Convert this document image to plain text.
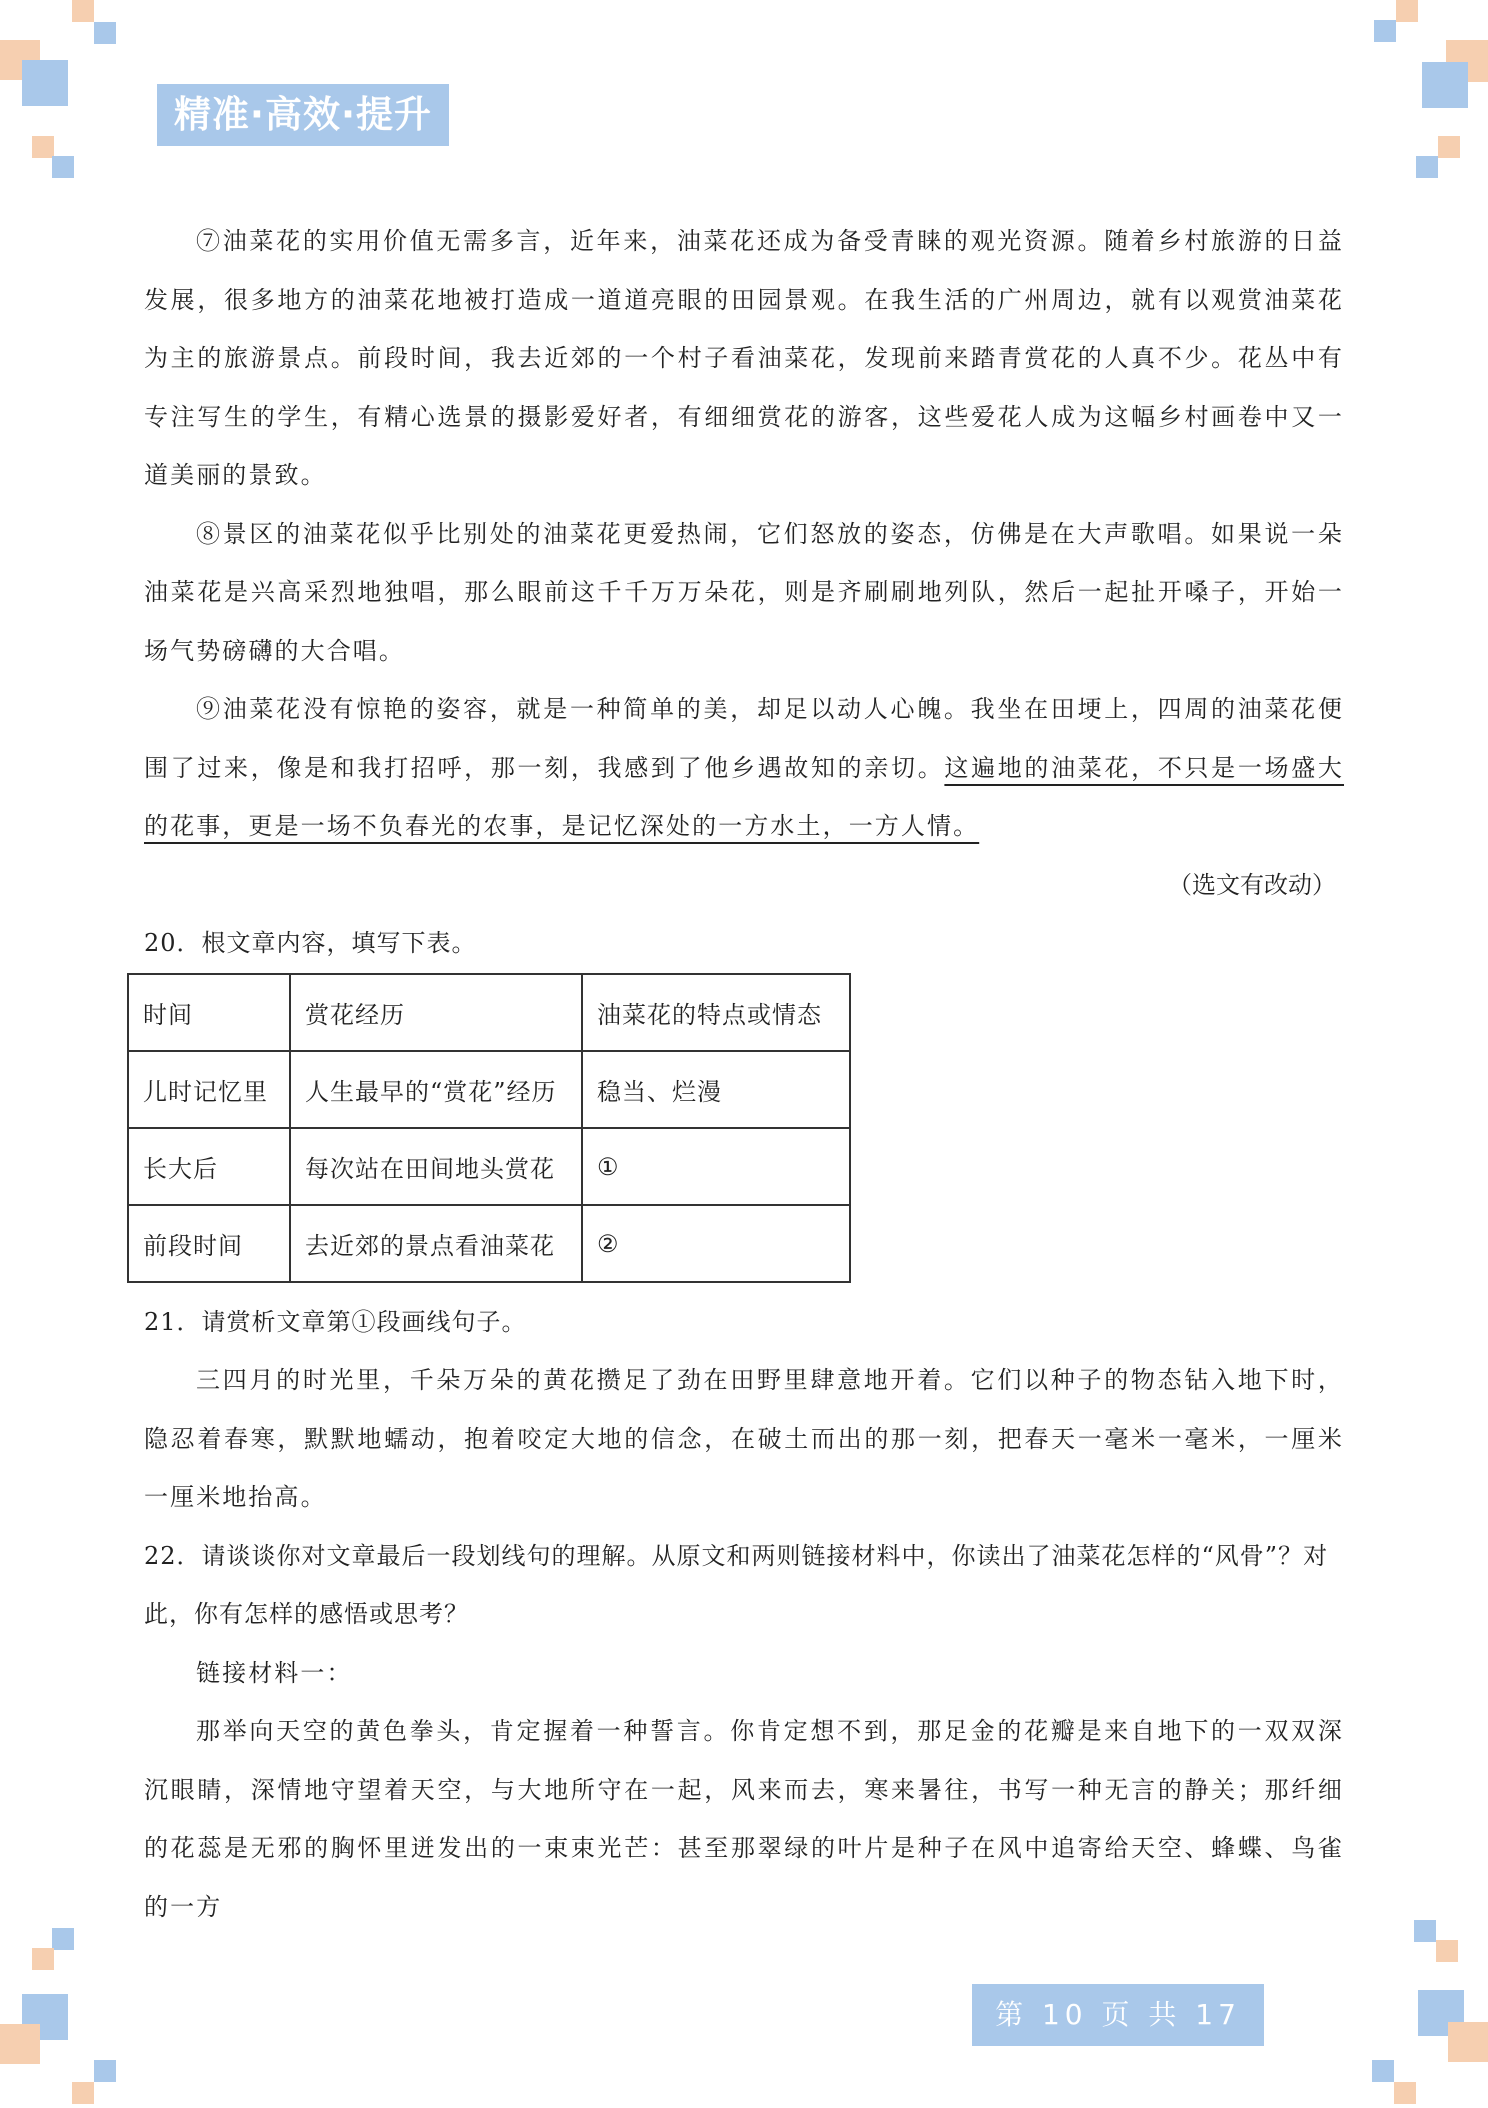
精准·高效·提升

⑦油菜花的实用价值无需多言，近年来，油菜花还成为备受青睐的观光资源。随着乡村旅游的日益发展，很多地方的油菜花地被打造成一道道亮眼的田园景观。在我生活的广州周边，就有以观赏油菜花为主的旅游景点。前段时间，我去近郊的一个村子看油菜花，发现前来踏青赏花的人真不少。花丛中有专注写生的学生，有精心选景的摄影爱好者，有细细赏花的游客，这些爱花人成为这幅乡村画卷中又一道美丽的景致。

⑧景区的油菜花似乎比别处的油菜花更爱热闹，它们怒放的姿态，仿佛是在大声歌唱。如果说一朵油菜花是兴高采烈地独唱，那么眼前这千千万万朵花，则是齐刷刷地列队，然后一起扯开嗓子，开始一场气势磅礴的大合唱。

⑨油菜花没有惊艳的姿容，就是一种简单的美，却足以动人心魄。我坐在田埂上，四周的油菜花便围了过来，像是和我打招呼，那一刻，我感到了他乡遇故知的亲切。这遍地的油菜花，不只是一场盛大的花事，更是一场不负春光的农事，是记忆深处的一方水土，一方人情。

（选文有改动）

20．根文章内容，填写下表。

时间	赏花经历	油菜花的特点或情态
儿时记忆里	人生最早的“赏花”经历	稳当、烂漫
长大后	每次站在田间地头赏花	①
前段时间	去近郊的景点看油菜花	②

21．请赏析文章第①段画线句子。

三四月的时光里，千朵万朵的黄花攒足了劲在田野里肆意地开着。它们以种子的物态钻入地下时，隐忍着春寒，默默地蠕动，抱着咬定大地的信念，在破土而出的那一刻，把春天一毫米一毫米，一厘米一厘米地抬高。

22．请谈谈你对文章最后一段划线句的理解。从原文和两则链接材料中，你读出了油菜花怎样的“风骨”？对此，你有怎样的感悟或思考？

链接材料一：

那举向天空的黄色拳头，肯定握着一种誓言。你肯定想不到，那足金的花瓣是来自地下的一双双深沉眼睛，深情地守望着天空，与大地所守在一起，风来而去，寒来暑往，书写一种无言的静关；那纤细的花蕊是无邪的胸怀里迸发出的一束束光芒：甚至那翠绿的叶片是种子在风中追寄给天空、蜂蝶、鸟雀的一方

第 10 页 共 17 页
